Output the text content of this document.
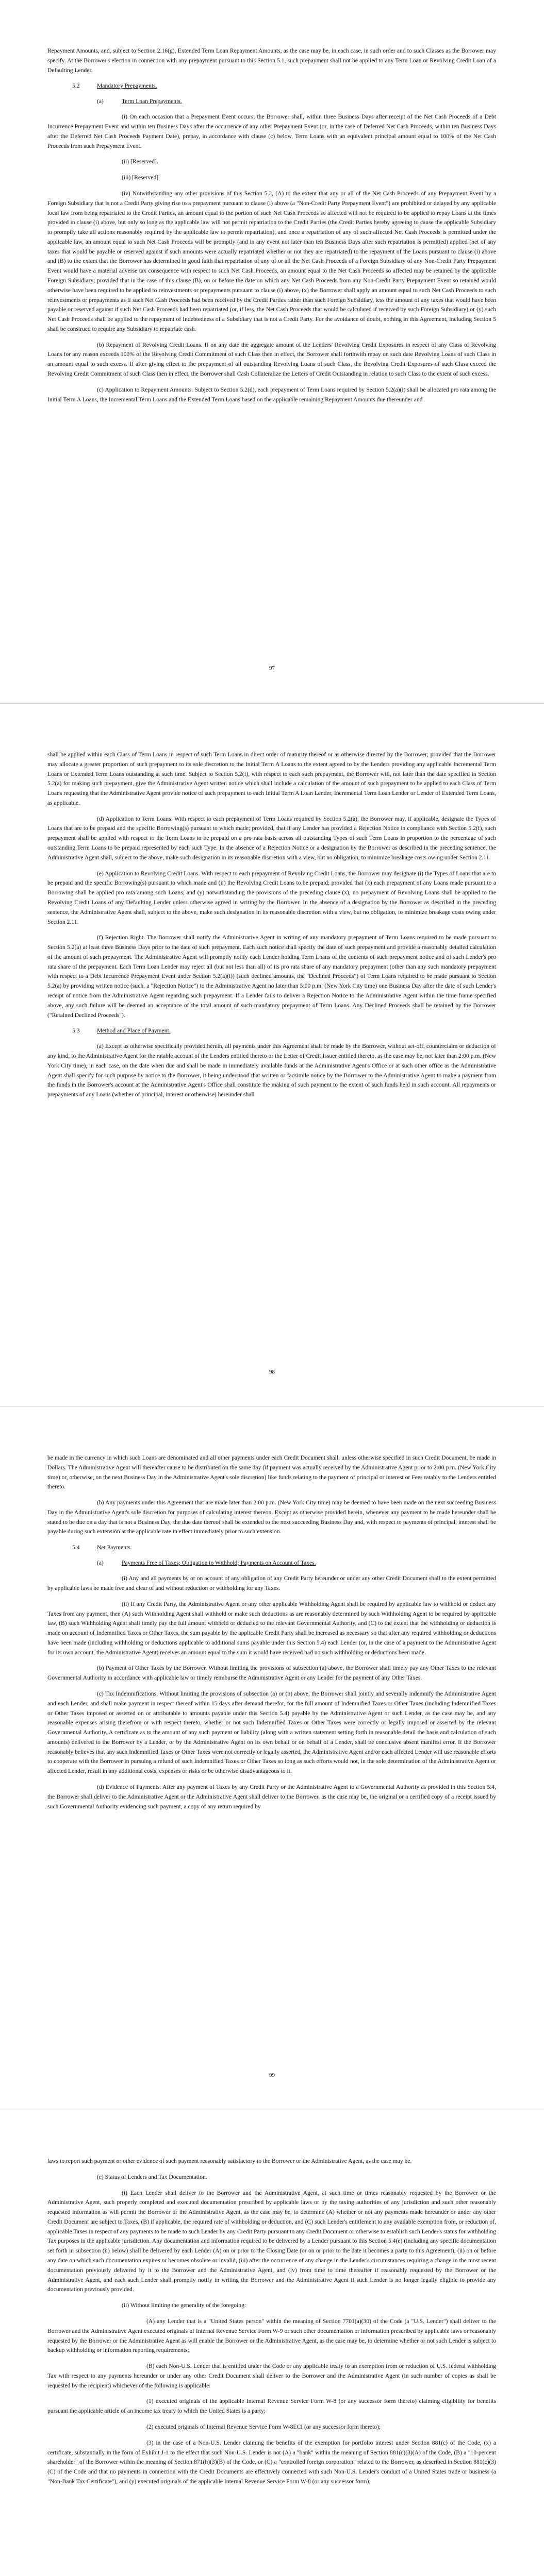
Repayment Amounts, and, subject to Section 2.16(g), Extended Term Loan Repayment Amounts, as the case may be, in each case, in such order and to such Classes as the Borrower may specify. At the Borrower's election in connection with any prepayment pursuant to this Section 5.1, such prepayment shall not be applied to any Term Loan or Revolving Credit Loan of a Defaulting Lender.

5.2	Mandatory Prepayments.
(a)	Term Loan Prepayments.

(i) On each occasion that a Prepayment Event occurs, the Borrower shall, within three Business Days after receipt of the Net Cash Proceeds of a Debt Incurrence Prepayment Event and within ten Business Days after the occurrence of any other Prepayment Event (or, in the case of Deferred Net Cash Proceeds, within ten Business Days after the Deferred Net Cash Proceeds Payment Date), prepay, in accordance with clause (c) below, Term Loans with an equivalent principal amount equal to 100% of the Net Cash Proceeds from such Prepayment Event.

(ii) [Reserved].

(iii) [Reserved].

(iv) Notwithstanding any other provisions of this Section 5.2, (A) to the extent that any or all of the Net Cash Proceeds of any Prepayment Event by a Foreign Subsidiary that is not a Credit Party giving rise to a prepayment pursuant to clause (i) above (a "Non-Credit Party Prepayment Event") are prohibited or delayed by any applicable local law from being repatriated to the Credit Parties, an amount equal to the portion of such Net Cash Proceeds so affected will not be required to be applied to repay Loans at the times provided in clause (i) above, but only so long as the applicable law will not permit repatriation to the Credit Parties (the Credit Parties hereby agreeing to cause the applicable Subsidiary to promptly take all actions reasonably required by the applicable law to permit repatriation), and once a repatriation of any of such affected Net Cash Proceeds is permitted under the applicable law, an amount equal to such Net Cash Proceeds will be promptly (and in any event not later than ten Business Days after such repatriation is permitted) applied (net of any taxes that would be payable or reserved against if such amounts were actually repatriated whether or not they are repatriated) to the repayment of the Loans pursuant to clause (i) above and (B) to the extent that the Borrower has determined in good faith that repatriation of any of or all the Net Cash Proceeds of a Foreign Subsidiary of any Non-Credit Party Prepayment Event would have a material adverse tax consequence with respect to such Net Cash Proceeds, an amount equal to the Net Cash Proceeds so affected may be retained by the applicable Foreign Subsidiary; provided that in the case of this clause (B), on or before the date on which any Net Cash Proceeds from any Non-Credit Party Prepayment Event so retained would otherwise have been required to be applied to reinvestments or prepayments pursuant to clause (i) above, (x) the Borrower shall apply an amount equal to such Net Cash Proceeds to such reinvestments or prepayments as if such Net Cash Proceeds had been received by the Credit Parties rather than such Foreign Subsidiary, less the amount of any taxes that would have been payable or reserved against if such Net Cash Proceeds had been repatriated (or, if less, the Net Cash Proceeds that would be calculated if received by such Foreign Subsidiary) or (y) such Net Cash Proceeds shall be applied to the repayment of Indebtedness of a Subsidiary that is not a Credit Party. For the avoidance of doubt, nothing in this Agreement, including Section 5 shall be construed to require any Subsidiary to repatriate cash.

(b) Repayment of Revolving Credit Loans. If on any date the aggregate amount of the Lenders' Revolving Credit Exposures in respect of any Class of Revolving Loans for any reason exceeds 100% of the Revolving Credit Commitment of such Class then in effect, the Borrower shall forthwith repay on such date Revolving Loans of such Class in an amount equal to such excess. If after giving effect to the prepayment of all outstanding Revolving Loans of such Class, the Revolving Credit Exposures of such Class exceed the Revolving Credit Commitment of such Class then in effect, the Borrower shall Cash Collateralize the Letters of Credit Outstanding in relation to such Class to the extent of such excess.

(c) Application to Repayment Amounts. Subject to Section 5.2(d), each prepayment of Term Loans required by Section 5.2(a)(i) shall be allocated pro rata among the Initial Term A Loans, the Incremental Term Loans and the Extended Term Loans based on the applicable remaining Repayment Amounts due thereunder and

97

shall be applied within each Class of Term Loans in respect of such Term Loans in direct order of maturity thereof or as otherwise directed by the Borrower; provided that the Borrower may allocate a greater proportion of such prepayment to its sole discretion to the Initial Term A Loans to the extent agreed to by the Lenders providing any applicable Incremental Term Loans or Extended Term Loans outstanding at such time. Subject to Section 5.2(f), with respect to each such prepayment, the Borrower will, not later than the date specified in Section 5.2(a) for making such prepayment, give the Administrative Agent written notice which shall include a calculation of the amount of such prepayment to be applied to each Class of Term Loans requesting that the Administrative Agent provide notice of such prepayment to each Initial Term A Loan Lender, Incremental Term Loan Lender or Lender of Extended Term Loans, as applicable.

(d) Application to Term Loans. With respect to each prepayment of Term Loans required by Section 5.2(a), the Borrower may, if applicable, designate the Types of Loans that are to be prepaid and the specific Borrowing(s) pursuant to which made; provided, that if any Lender has provided a Rejection Notice in compliance with Section 5.2(f), such prepayment shall be applied with respect to the Term Loans to be prepaid on a pro rata basis across all outstanding Types of such Term Loans in proportion to the percentage of such outstanding Term Loans to be prepaid represented by each such Type. In the absence of a Rejection Notice or a designation by the Borrower as described in the preceding sentence, the Administrative Agent shall, subject to the above, make such designation in its reasonable discretion with a view, but no obligation, to minimize breakage costs owing under Section 2.11.

(e) Application to Revolving Credit Loans. With respect to each prepayment of Revolving Credit Loans, the Borrower may designate (i) the Types of Loans that are to be prepaid and the specific Borrowing(s) pursuant to which made and (ii) the Revolving Credit Loans to be prepaid; provided that (x) each prepayment of any Loans made pursuant to a Borrowing shall be applied pro rata among such Loans; and (y) notwithstanding the provisions of the preceding clause (x), no prepayment of Revolving Loans shall be applied to the Revolving Credit Loans of any Defaulting Lender unless otherwise agreed in writing by the Borrower. In the absence of a designation by the Borrower as described in the preceding sentence, the Administrative Agent shall, subject to the above, make such designation in its reasonable discretion with a view, but no obligation, to minimize breakage costs owing under Section 2.11.

(f) Rejection Right. The Borrower shall notify the Administrative Agent in writing of any mandatory prepayment of Term Loans required to be made pursuant to Section 5.2(a) at least three Business Days prior to the date of such prepayment. Each such notice shall specify the date of such prepayment and provide a reasonably detailed calculation of the amount of such prepayment. The Administrative Agent will promptly notify each Lender holding Term Loans of the contents of such prepayment notice and of such Lender's pro rata share of the prepayment. Each Term Loan Lender may reject all (but not less than all) of its pro rata share of any mandatory prepayment (other than any such mandatory prepayment with respect to a Debt Incurrence Prepayment Event under Section 5.2(a)(i)) (such declined amounts, the "Declined Proceeds") of Term Loans required to be made pursuant to Section 5.2(a) by providing written notice (such, a "Rejection Notice") to the Administrative Agent no later than 5:00 p.m. (New York City time) one Business Day after the date of such Lender's receipt of notice from the Administrative Agent regarding such prepayment. If a Lender fails to deliver a Rejection Notice to the Administrative Agent within the time frame specified above, any such failure will be deemed an acceptance of the total amount of such mandatory prepayment of Term Loans. Any Declined Proceeds shall be retained by the Borrower ("Retained Declined Proceeds").

5.3	Method and Place of Payment.

(a) Except as otherwise specifically provided herein, all payments under this Agreement shall be made by the Borrower, without set-off, counterclaim or deduction of any kind, to the Administrative Agent for the ratable account of the Lenders entitled thereto or the Letter of Credit Issuer entitled thereto, as the case may be, not later than 2:00 p.m. (New York City time), in each case, on the date when due and shall be made in immediately available funds at the Administrative Agent's Office or at such other office as the Administrative Agent shall specify for such purpose by notice to the Borrower, it being understood that written or facsimile notice by the Borrower to the Administrative Agent to make a payment from the funds in the Borrower's account at the Administrative Agent's Office shall constitute the making of such payment to the extent of such funds held in such account. All repayments or prepayments of any Loans (whether of principal, interest or otherwise) hereunder shall

98

be made in the currency in which such Loans are denominated and all other payments under each Credit Document shall, unless otherwise specified in such Credit Document, be made in Dollars. The Administrative Agent will thereafter cause to be distributed on the same day (if payment was actually received by the Administrative Agent prior to 2:00 p.m. (New York City time) or, otherwise, on the next Business Day in the Administrative Agent's sole discretion) like funds relating to the payment of principal or interest or Fees ratably to the Lenders entitled thereto.

(b) Any payments under this Agreement that are made later than 2:00 p.m. (New York City time) may be deemed to have been made on the next succeeding Business Day in the Administrative Agent's sole discretion for purposes of calculating interest thereon. Except as otherwise provided herein, whenever any payment to be made hereunder shall be stated to be due on a day that is not a Business Day, the due date thereof shall be extended to the next succeeding Business Day and, with respect to payments of principal, interest shall be payable during such extension at the applicable rate in effect immediately prior to such extension.

5.4	Net Payments.
(a)	Payments Free of Taxes; Obligation to Withhold; Payments on Account of Taxes.

(i) Any and all payments by or on account of any obligation of any Credit Party hereunder or under any other Credit Document shall to the extent permitted by applicable laws be made free and clear of and without reduction or withholding for any Taxes.

(ii) If any Credit Party, the Administrative Agent or any other applicable Withholding Agent shall be required by applicable law to withhold or deduct any Taxes from any payment, then (A) such Withholding Agent shall withhold or make such deductions as are reasonably determined by such Withholding Agent to be required by applicable law, (B) such Withholding Agent shall timely pay the full amount withheld or deducted to the relevant Governmental Authority, and (C) to the extent that the withholding or deduction is made on account of Indemnified Taxes or Other Taxes, the sum payable by the applicable Credit Party shall be increased as necessary so that after any required withholding or deductions have been made (including withholding or deductions applicable to additional sums payable under this Section 5.4) each Lender (or, in the case of a payment to the Administrative Agent for its own account, the Administrative Agent) receives an amount equal to the sum it would have received had no such withholding or deductions been made.

(b) Payment of Other Taxes by the Borrower. Without limiting the provisions of subsection (a) above, the Borrower shall timely pay any Other Taxes to the relevant Governmental Authority in accordance with applicable law or timely reimburse the Administrative Agent or any Lender for the payment of any Other Taxes.

(c) Tax Indemnifications. Without limiting the provisions of subsection (a) or (b) above, the Borrower shall jointly and severally indemnify the Administrative Agent and each Lender, and shall make payment in respect thereof within 15 days after demand therefor, for the full amount of Indemnified Taxes or Other Taxes (including Indemnified Taxes or Other Taxes imposed or asserted on or attributable to amounts payable under this Section 5.4) payable by the Administrative Agent or such Lender, as the case may be, and any reasonable expenses arising therefrom or with respect thereto, whether or not such Indemnified Taxes or Other Taxes were correctly or legally imposed or asserted by the relevant Governmental Authority. A certificate as to the amount of any such payment or liability (along with a written statement setting forth in reasonable detail the basis and calculation of such amounts) delivered to the Borrower by a Lender, or by the Administrative Agent on its own behalf or on behalf of a Lender, shall be conclusive absent manifest error. If the Borrower reasonably believes that any such Indemnified Taxes or Other Taxes were not correctly or legally asserted, the Administrative Agent and/or each affected Lender will use reasonable efforts to cooperate with the Borrower in pursuing a refund of such Indemnified Taxes or Other Taxes so long as such efforts would not, in the sole determination of the Administrative Agent or affected Lender, result in any additional costs, expenses or risks or be otherwise disadvantageous to it.

(d) Evidence of Payments. After any payment of Taxes by any Credit Party or the Administrative Agent to a Governmental Authority as provided in this Section 5.4, the Borrower shall deliver to the Administrative Agent or the Administrative Agent shall deliver to the Borrower, as the case may be, the original or a certified copy of a receipt issued by such Governmental Authority evidencing such payment, a copy of any return required by

99

laws to report such payment or other evidence of such payment reasonably satisfactory to the Borrower or the Administrative Agent, as the case may be.

(e) Status of Lenders and Tax Documentation.

(i) Each Lender shall deliver to the Borrower and the Administrative Agent, at such time or times reasonably requested by the Borrower or the Administrative Agent, such properly completed and executed documentation prescribed by applicable laws or by the taxing authorities of any jurisdiction and such other reasonably requested information as will permit the Borrower or the Administrative Agent, as the case may be, to determine (A) whether or not any payments made hereunder or under any other Credit Document are subject to Taxes, (B) if applicable, the required rate of withholding or deduction, and (C) such Lender's entitlement to any available exemption from, or reduction of, applicable Taxes in respect of any payments to be made to such Lender by any Credit Party pursuant to any Credit Document or otherwise to establish such Lender's status for withholding Tax purposes in the applicable jurisdiction. Any documentation and information required to be delivered by a Lender pursuant to this Section 5.4(e) (including any specific documentation set forth in subsection (ii) below) shall be delivered by each Lender (A) on or prior to the Closing Date (or on or prior to the date it becomes a party to this Agreement), (ii) on or before any date on which such documentation expires or becomes obsolete or invalid, (iii) after the occurrence of any change in the Lender's circumstances requiring a change in the most recent documentation previously delivered by it to the Borrower and the Administrative Agent, and (iv) from time to time thereafter if reasonably requested by the Borrower or the Administrative Agent, and each such Lender shall promptly notify in writing the Borrower and the Administrative Agent if such Lender is no longer legally eligible to provide any documentation previously provided.

(ii) Without limiting the generality of the foregoing:

(A) any Lender that is a "United States person" within the meaning of Section 7701(a)(30) of the Code (a "U.S. Lender") shall deliver to the Borrower and the Administrative Agent executed originals of Internal Revenue Service Form W-9 or such other documentation or information prescribed by applicable laws or reasonably requested by the Borrower or the Administrative Agent as will enable the Borrower or the Administrative Agent, as the case may be, to determine whether or not such Lender is subject to backup withholding or information reporting requirements;

(B) each Non-U.S. Lender that is entitled under the Code or any applicable treaty to an exemption from or reduction of U.S. federal withholding Tax with respect to any payments hereunder or under any other Credit Document shall deliver to the Borrower and the Administrative Agent (in such number of copies as shall be requested by the recipient) whichever of the following is applicable:

(1) executed originals of the applicable Internal Revenue Service Form W-8 (or any successor form thereto) claiming eligibility for benefits pursuant the applicable article of an income tax treaty to which the United States is a party;

(2) executed originals of Internal Revenue Service Form W-8ECI (or any successor form thereto);

(3) in the case of a Non-U.S. Lender claiming the benefits of the exemption for portfolio interest under Section 881(c) of the Code, (x) a certificate, substantially in the form of Exhibit J-1 to the effect that such Non-U.S. Lender is not (A) a "bank" within the meaning of Section 881(c)(3)(A) of the Code, (B) a "10-percent shareholder" of the Borrower within the meaning of Section 871(h)(3)(B) of the Code, or (C) a "controlled foreign corporation" related to the Borrower, as described in Section 881(c)(3)(C) of the Code and that no payments in connection with the Credit Documents are effectively connected with such Non-U.S. Lender's conduct of a United States trade or business (a "Non-Bank Tax Certificate"), and (y) executed originals of the applicable Internal Revenue Service Form W-8 (or any successor form);
